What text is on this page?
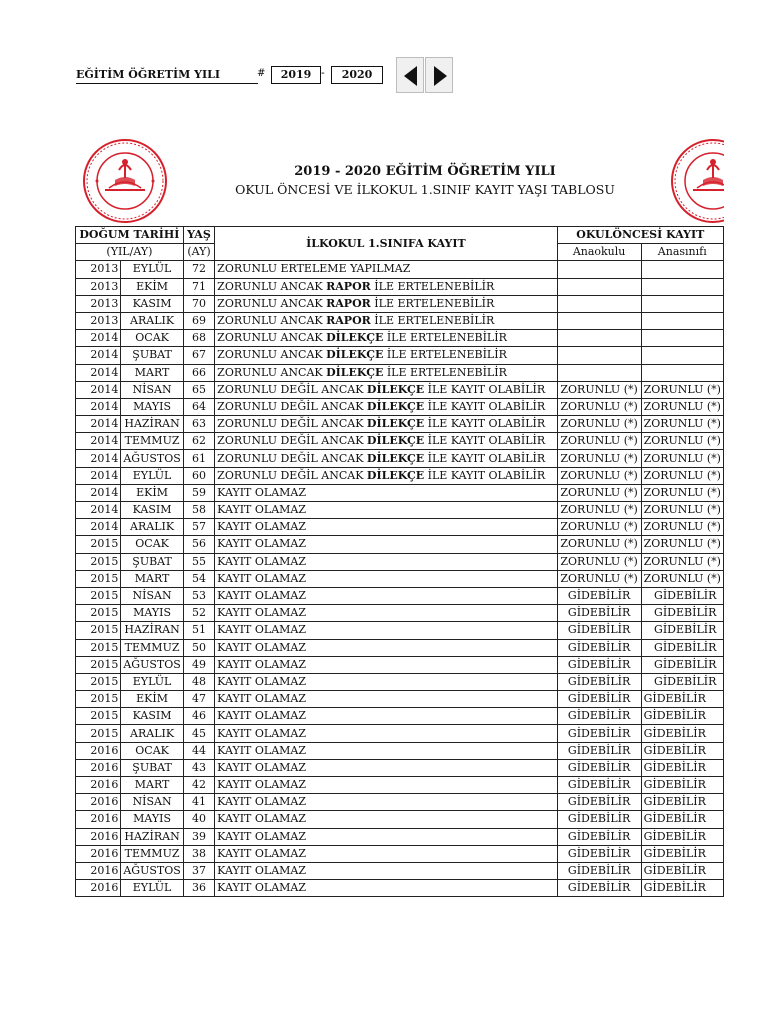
EĞİTİM ÖĞRETİM YILI	#	2019 -	2020
2019 - 2020 EĞİTİM ÖĞRETİM YILI
OKUL ÖNCESİ VE İLKOKUL 1.SINIF KAYIT YAŞI TABLOSU
DOĞUM TARİHİ		YAŞ	İLKOKUL 1.SINIFA KAYIT	OKULÖNCESİ KAYIT	
(YIL/AY)		(AY)		Anaokulu	Anasınıfı
2013	EYLÜL	72	ZORUNLU ERTELEME YAPILMAZ		
2013	EKİM	71	ZORUNLU ANCAK RAPOR İLE ERTELENEBİLİR		
2013	KASIM	70	ZORUNLU ANCAK RAPOR İLE ERTELENEBİLİR		
2013	ARALIK	69	ZORUNLU ANCAK RAPOR İLE ERTELENEBİLİR		
2014	OCAK	68	ZORUNLU ANCAK DİLEKÇE İLE ERTELENEBİLİR		
2014	ŞUBAT	67	ZORUNLU ANCAK DİLEKÇE İLE ERTELENEBİLİR		
2014	MART	66	ZORUNLU ANCAK DİLEKÇE İLE ERTELENEBİLİR		
2014	NİSAN	65	ZORUNLU DEĞİL ANCAK DİLEKÇE İLE KAYIT OLABİLİR	ZORUNLU (*)	ZORUNLU (*)
2014	MAYIS	64	ZORUNLU DEĞİL ANCAK DİLEKÇE İLE KAYIT OLABİLİR	ZORUNLU (*)	ZORUNLU (*)
2014	HAZİRAN	63	ZORUNLU DEĞİL ANCAK DİLEKÇE İLE KAYIT OLABİLİR	ZORUNLU (*)	ZORUNLU (*)
2014	TEMMUZ	62	ZORUNLU DEĞİL ANCAK DİLEKÇE İLE KAYIT OLABİLİR	ZORUNLU (*)	ZORUNLU (*)
2014	AĞUSTOS	61	ZORUNLU DEĞİL ANCAK DİLEKÇE İLE KAYIT OLABİLİR	ZORUNLU (*)	ZORUNLU (*)
2014	EYLÜL	60	ZORUNLU DEĞİL ANCAK DİLEKÇE İLE KAYIT OLABİLİR	ZORUNLU (*)	ZORUNLU (*)
2014	EKİM	59	KAYIT OLAMAZ	ZORUNLU (*)	ZORUNLU (*)
2014	KASIM	58	KAYIT OLAMAZ	ZORUNLU (*)	ZORUNLU (*)
2014	ARALIK	57	KAYIT OLAMAZ	ZORUNLU (*)	ZORUNLU (*)
2015	OCAK	56	KAYIT OLAMAZ	ZORUNLU (*)	ZORUNLU (*)
2015	ŞUBAT	55	KAYIT OLAMAZ	ZORUNLU (*)	ZORUNLU (*)
2015	MART	54	KAYIT OLAMAZ	ZORUNLU (*)	ZORUNLU (*)
2015	NİSAN	53	KAYIT OLAMAZ	GİDEBİLİR	GİDEBİLİR
2015	MAYIS	52	KAYIT OLAMAZ	GİDEBİLİR	GİDEBİLİR
2015	HAZİRAN	51	KAYIT OLAMAZ	GİDEBİLİR	GİDEBİLİR
2015	TEMMUZ	50	KAYIT OLAMAZ	GİDEBİLİR	GİDEBİLİR
2015	AĞUSTOS	49	KAYIT OLAMAZ	GİDEBİLİR	GİDEBİLİR
2015	EYLÜL	48	KAYIT OLAMAZ	GİDEBİLİR	GİDEBİLİR
2015	EKİM	47	KAYIT OLAMAZ	GİDEBİLİR	GİDEBİLİR
2015	KASIM	46	KAYIT OLAMAZ	GİDEBİLİR	GİDEBİLİR
2015	ARALIK	45	KAYIT OLAMAZ	GİDEBİLİR	GİDEBİLİR
2016	OCAK	44	KAYIT OLAMAZ	GİDEBİLİR	GİDEBİLİR
2016	ŞUBAT	43	KAYIT OLAMAZ	GİDEBİLİR	GİDEBİLİR
2016	MART	42	KAYIT OLAMAZ	GİDEBİLİR	GİDEBİLİR
2016	NİSAN	41	KAYIT OLAMAZ	GİDEBİLİR	GİDEBİLİR
2016	MAYIS	40	KAYIT OLAMAZ	GİDEBİLİR	GİDEBİLİR
2016	HAZİRAN	39	KAYIT OLAMAZ	GİDEBİLİR	GİDEBİLİR
2016	TEMMUZ	38	KAYIT OLAMAZ	GİDEBİLİR	GİDEBİLİR
2016	AĞUSTOS	37	KAYIT OLAMAZ	GİDEBİLİR	GİDEBİLİR
2016	EYLÜL	36	KAYIT OLAMAZ	GİDEBİLİR	GİDEBİLİR
